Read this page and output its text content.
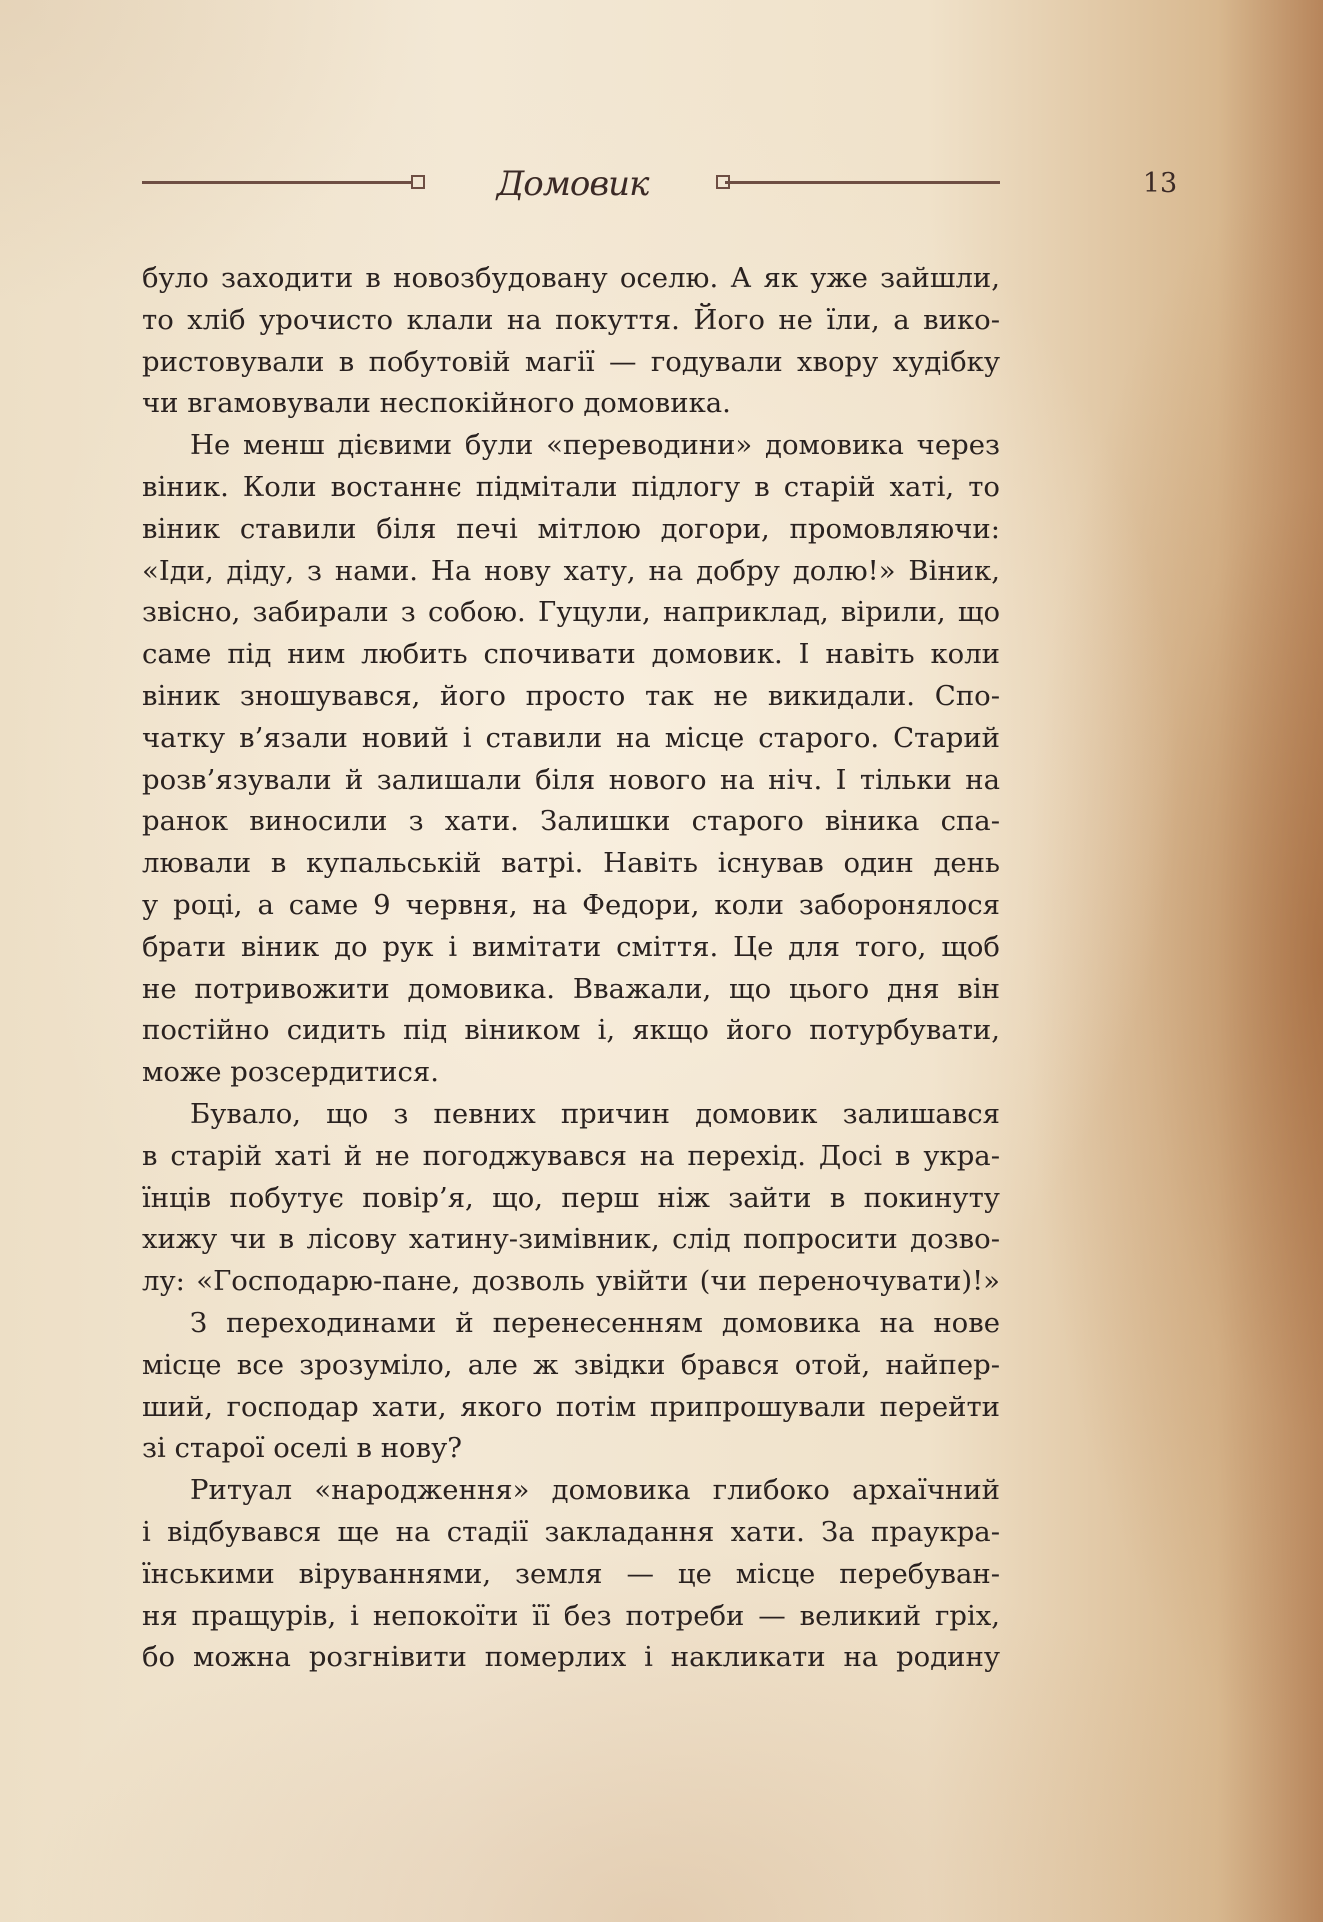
Домовик	13
було заходити в новозбудовану оселю. А як уже зайшли,
то хліб урочисто клали на покуття. Його не їли, а вико-
ристовували в побутовій магії — годували хвору худібку
чи вгамовували неспокійного домовика.
Не менш дієвими були «переводини» домовика через
віник. Коли востаннє підмітали підлогу в старій хаті, то
віник ставили біля печі мітлою догори, промовляючи:
«Іди, діду, з нами. На нову хату, на добру долю!» Віник,
звісно, забирали з собою. Гуцули, наприклад, вірили, що
саме під ним любить спочивати домовик. І навіть коли
віник зношувався, його просто так не викидали. Спо-
чатку в’язали новий і ставили на місце старого. Старий
розв’язували й залишали біля нового на ніч. І тільки на
ранок виносили з хати. Залишки старого віника спа-
лювали в купальській ватрі. Навіть існував один день
у році, а саме 9 червня, на Федори, коли заборонялося
брати віник до рук і вимітати сміття. Це для того, щоб
не потривожити домовика. Вважали, що цього дня він
постійно сидить під віником і, якщо його потурбувати,
може розсердитися.
Бувало, що з певних причин домовик залишався
в старій хаті й не погоджувався на перехід. Досі в укра-
їнців побутує повір’я, що, перш ніж зайти в покинуту
хижу чи в лісову хатину-зимівник, слід попросити дозво-
лу: «Господарю-пане, дозволь увійти (чи переночувати)!»
З переходинами й перенесенням домовика на нове
місце все зрозуміло, але ж звідки брався отой, найпер-
ший, господар хати, якого потім припрошували перейти
зі старої оселі в нову?
Ритуал «народження» домовика глибоко архаїчний
і відбувався ще на стадії закладання хати. За праукра-
їнськими віруваннями, земля — це місце перебуван-
ня пращурів, і непокоїти її без потреби — великий гріх,
бо можна розгнівити померлих і накликати на родину
